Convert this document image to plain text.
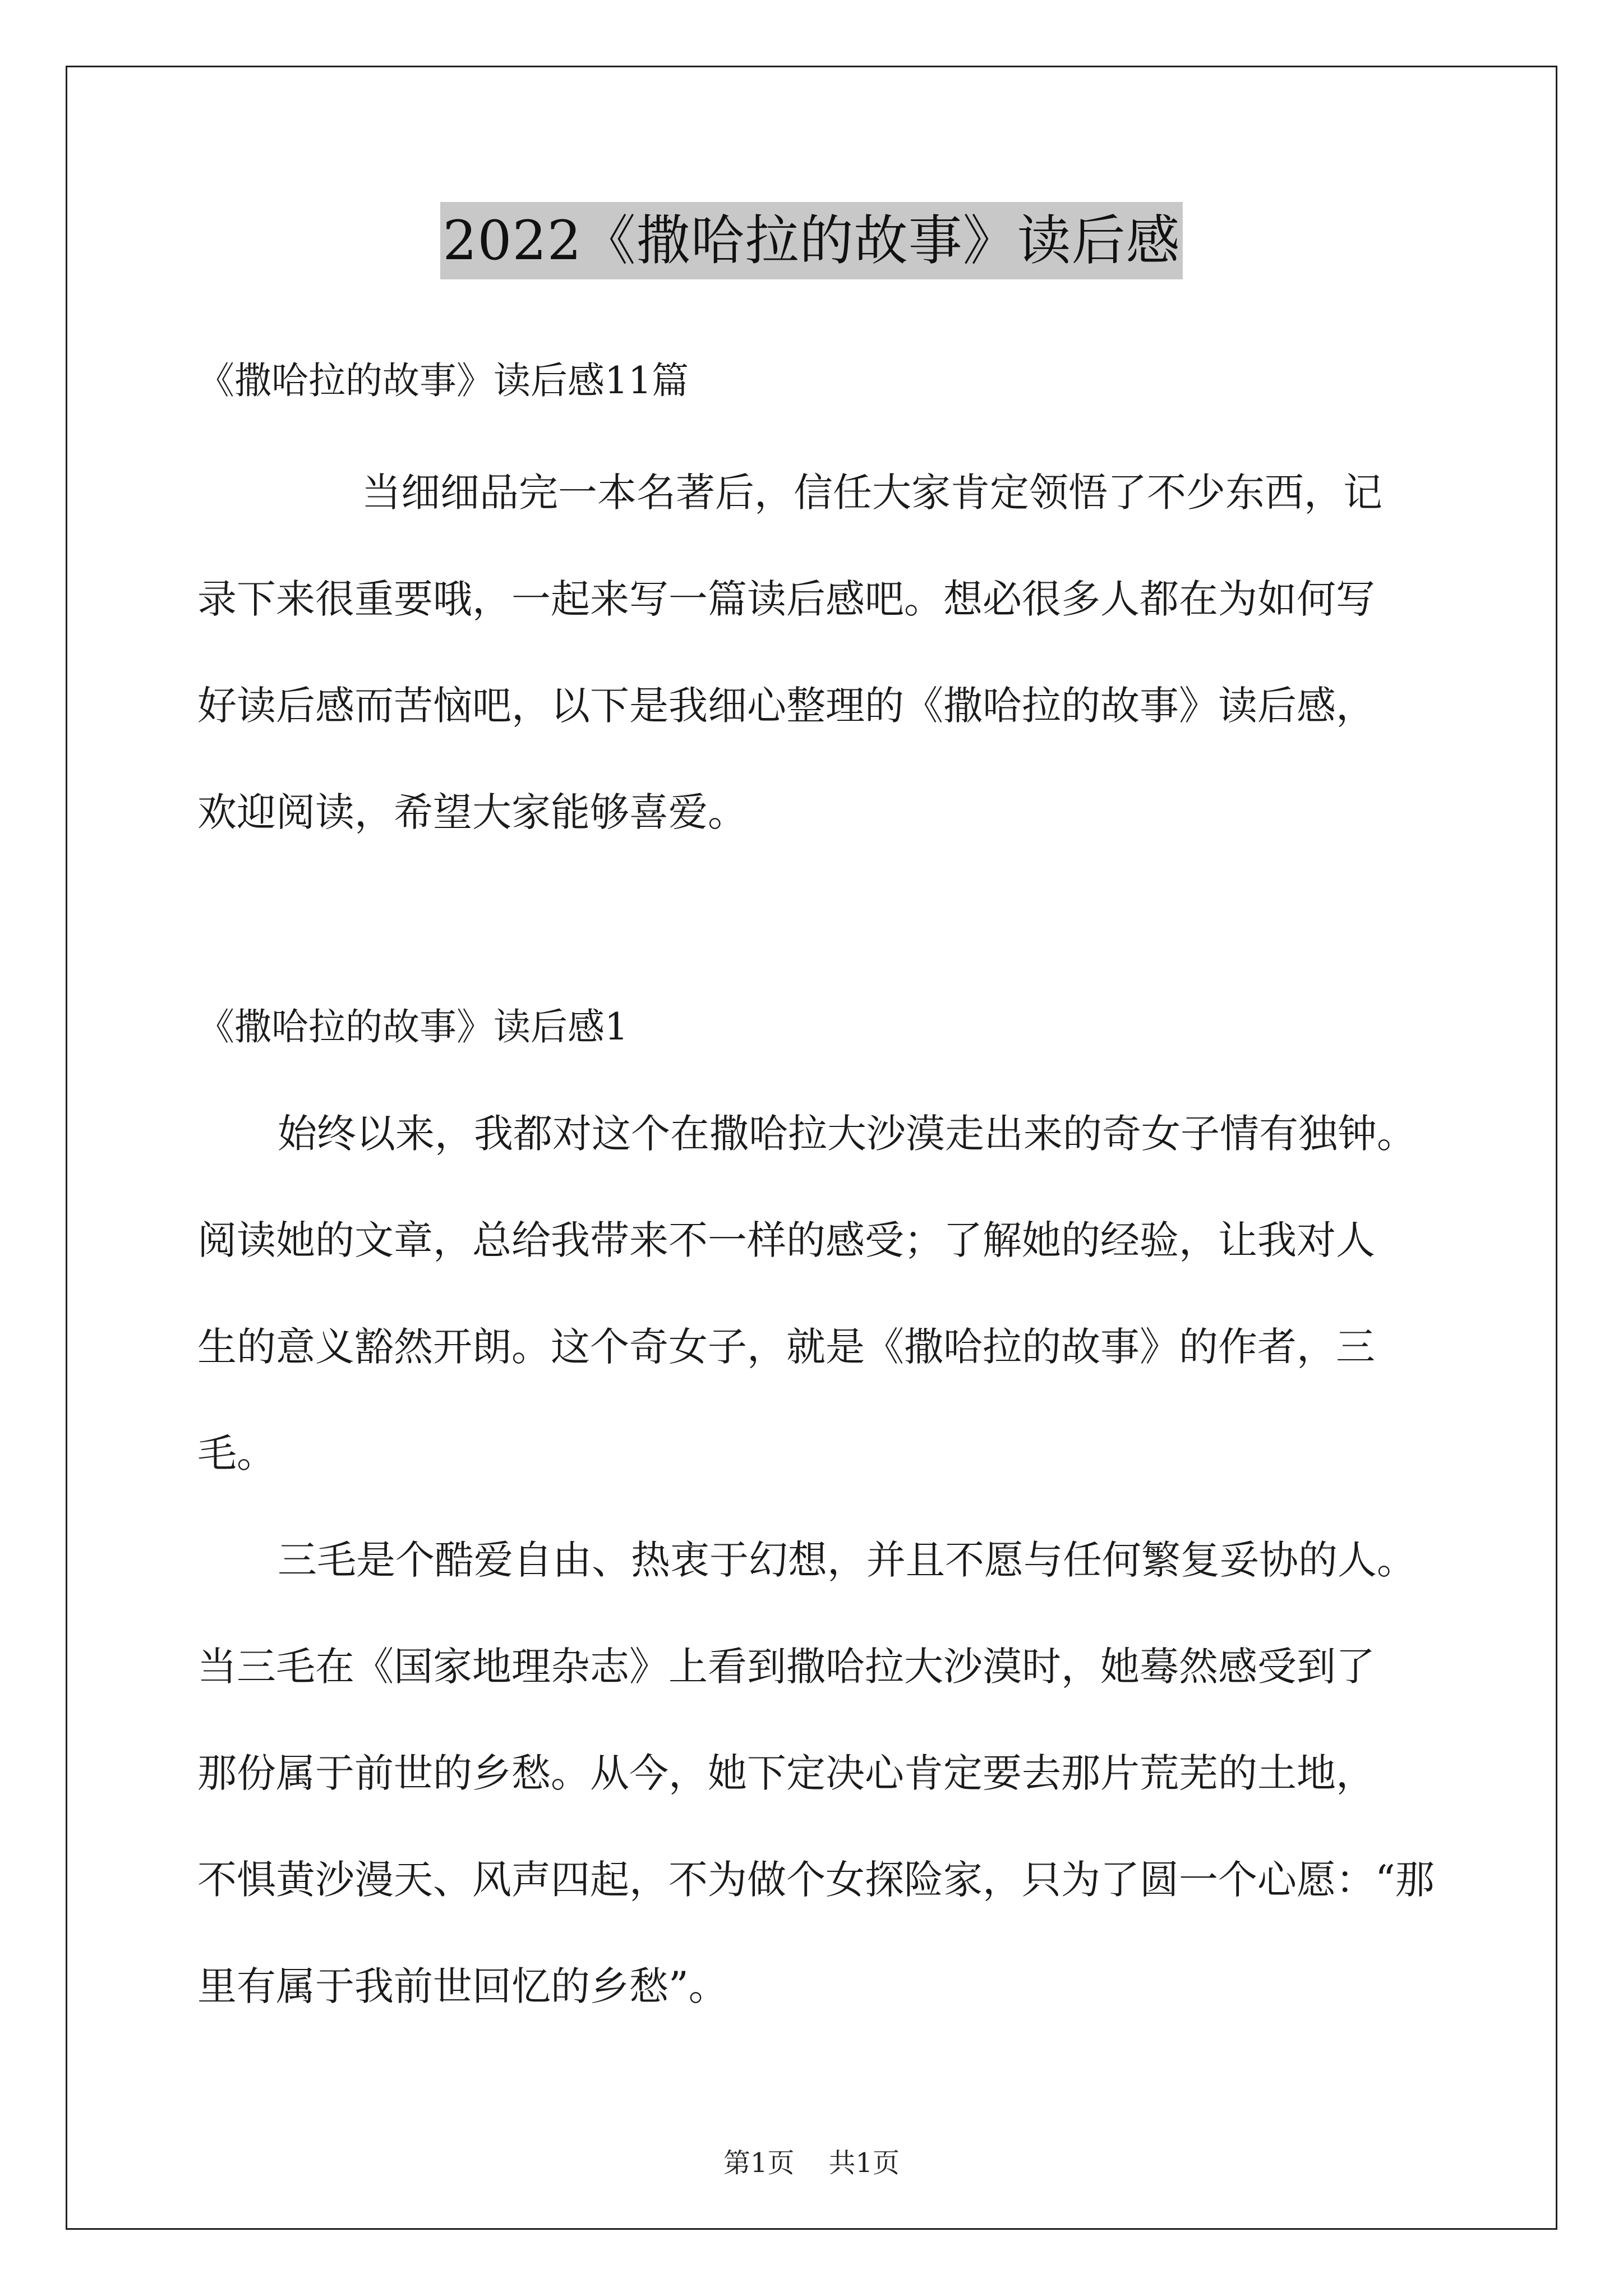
2022《撒哈拉的故事》读后感
《撒哈拉的故事》读后感11篇
当细细品完一本名著后，信任大家肯定领悟了不少东西，记
录下来很重要哦，一起来写一篇读后感吧。想必很多人都在为如何写
好读后感而苦恼吧，以下是我细心整理的《撒哈拉的故事》读后感，
欢迎阅读，希望大家能够喜爱。
《撒哈拉的故事》读后感1
始终以来，我都对这个在撒哈拉大沙漠走出来的奇女子情有独钟。
阅读她的文章，总给我带来不一样的感受；了解她的经验，让我对人
生的意义豁然开朗。这个奇女子，就是《撒哈拉的故事》的作者，三
毛。
三毛是个酷爱自由、热衷于幻想，并且不愿与任何繁复妥协的人。
当三毛在《国家地理杂志》上看到撒哈拉大沙漠时，她蓦然感受到了
那份属于前世的乡愁。从今，她下定决心肯定要去那片荒芜的土地，
不惧黄沙漫天、风声四起，不为做个女探险家，只为了圆一个心愿：“那
里有属于我前世回忆的乡愁”。
第1页 共1页
